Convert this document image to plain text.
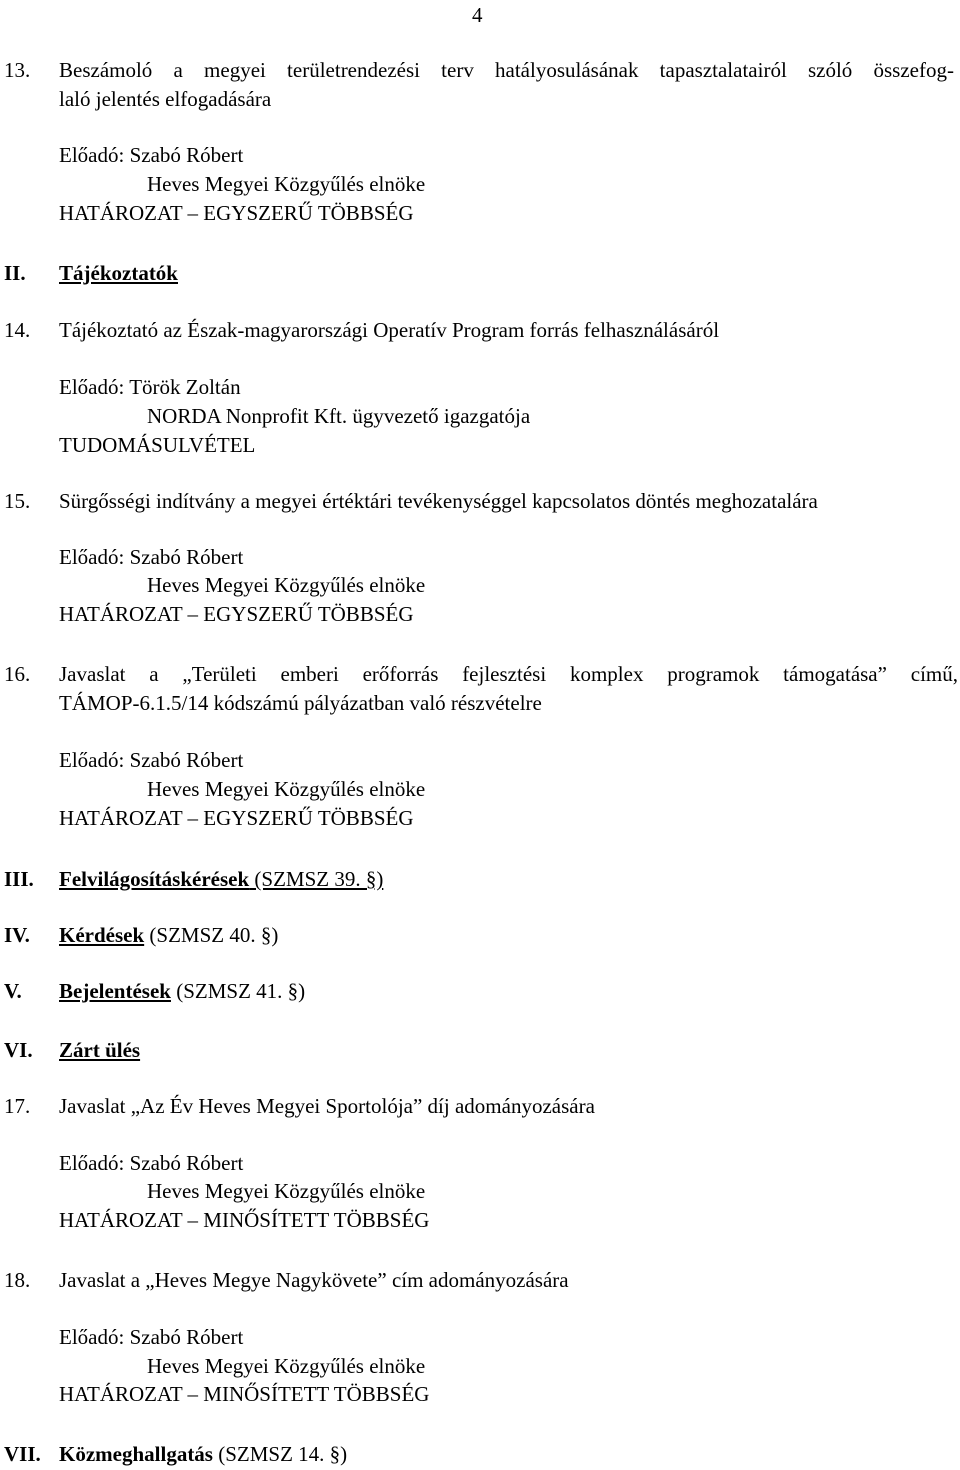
4
13. Beszámoló a megyei területrendezési terv hatályosulásának tapasztalatairól szóló összefog-
laló jelentés elfogadására
Előadó: Szabó Róbert
Heves Megyei Közgyűlés elnöke
HATÁROZAT – EGYSZERŰ TÖBBSÉG
II. Tájékoztatók
14. Tájékoztató az Észak-magyarországi Operatív Program forrás felhasználásáról
Előadó: Török Zoltán
NORDA Nonprofit Kft. ügyvezető igazgatója
TUDOMÁSULVÉTEL
15. Sürgősségi indítvány a megyei értéktári tevékenységgel kapcsolatos döntés meghozatalára
Előadó: Szabó Róbert
Heves Megyei Közgyűlés elnöke
HATÁROZAT – EGYSZERŰ TÖBBSÉG
16. Javaslat a „Területi emberi erőforrás fejlesztési komplex programok támogatása” című,
TÁMOP-6.1.5/14 kódszámú pályázatban való részvételre
Előadó: Szabó Róbert
Heves Megyei Közgyűlés elnöke
HATÁROZAT – EGYSZERŰ TÖBBSÉG
III. Felvilágosításkérések (SZMSZ 39. §)
IV. Kérdések (SZMSZ 40. §)
V. Bejelentések (SZMSZ 41. §)
VI. Zárt ülés
17. Javaslat „Az Év Heves Megyei Sportolója” díj adományozására
Előadó: Szabó Róbert
Heves Megyei Közgyűlés elnöke
HATÁROZAT – MINŐSÍTETT TÖBBSÉG
18. Javaslat a „Heves Megye Nagykövete” cím adományozására
Előadó: Szabó Róbert
Heves Megyei Közgyűlés elnöke
HATÁROZAT – MINŐSÍTETT TÖBBSÉG
VII. Közmeghallgatás (SZMSZ 14. §)
